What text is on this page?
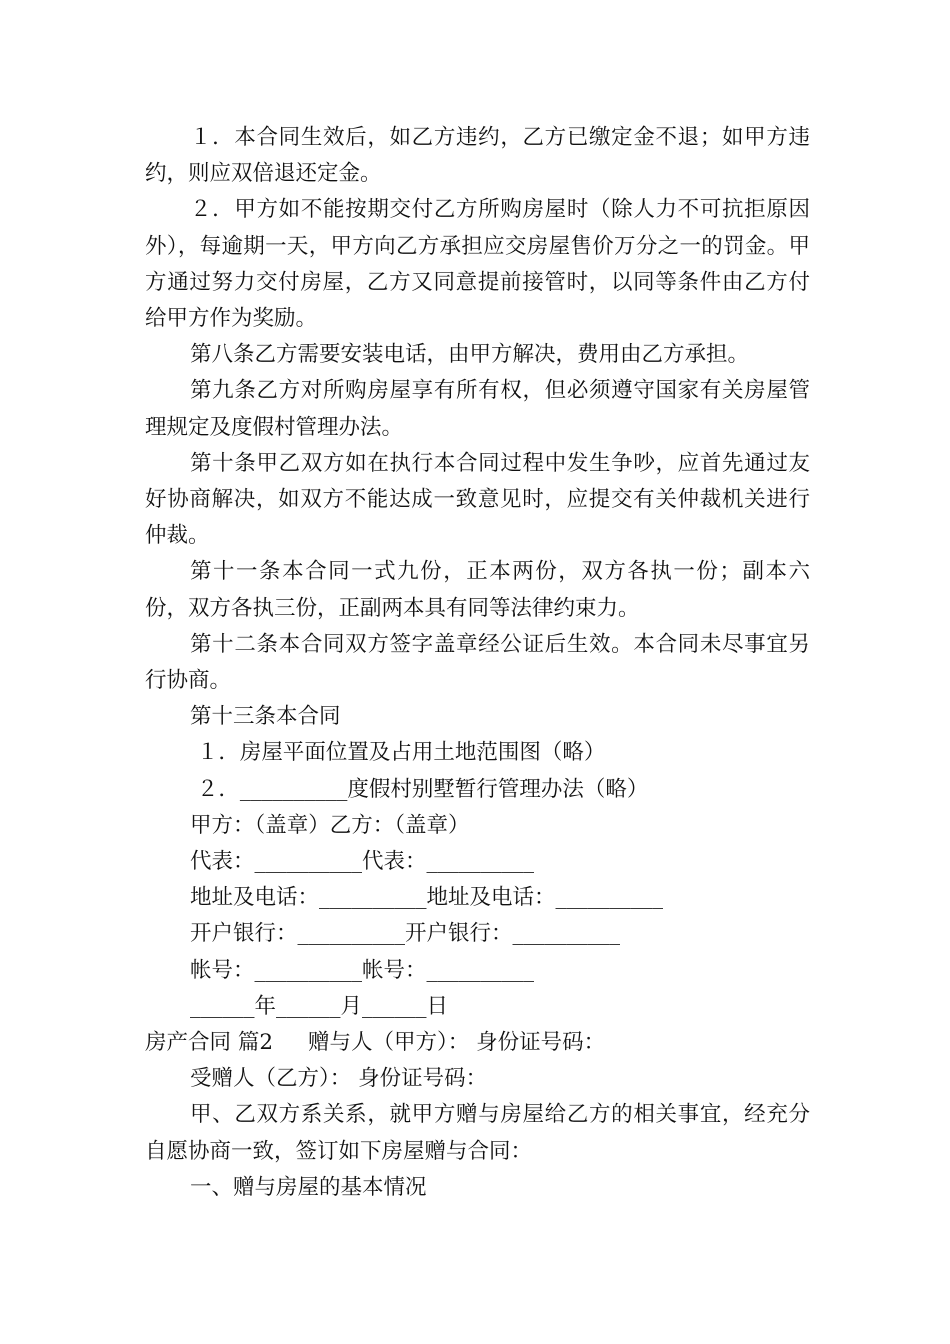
１．本合同生效后，如乙方违约，乙方已缴定金不退；如甲方违约，则应双倍退还定金。

２．甲方如不能按期交付乙方所购房屋时（除人力不可抗拒原因外），每逾期一天，甲方向乙方承担应交房屋售价万分之一的罚金。甲方通过努力交付房屋，乙方又同意提前接管时，以同等条件由乙方付给甲方作为奖励。

第八条乙方需要安装电话，由甲方解决，费用由乙方承担。

第九条乙方对所购房屋享有所有权，但必须遵守国家有关房屋管理规定及度假村管理办法。

第十条甲乙双方如在执行本合同过程中发生争吵，应首先通过友好协商解决，如双方不能达成一致意见时，应提交有关仲裁机关进行仲裁。

第十一条本合同一式九份，正本两份，双方各执一份；副本六份，双方各执三份，正副两本具有同等法律约束力。

第十二条本合同双方签字盖章经公证后生效。本合同未尽事宜另行协商。

第十三条本合同

１．房屋平面位置及占用土地范围图（略）

２．__________度假村别墅暂行管理办法（略）

甲方：（盖章）乙方：（盖章）

代表：__________代表：__________

地址及电话：__________地址及电话：__________

开户银行：__________开户银行：__________

帐号：__________帐号：__________

______年______月______日

房产合同 篇2 赠与人（甲方）： 身份证号码：

受赠人（乙方）： 身份证号码：

甲、乙双方系关系，就甲方赠与房屋给乙方的相关事宜，经充分自愿协商一致，签订如下房屋赠与合同：

一、赠与房屋的基本情况
